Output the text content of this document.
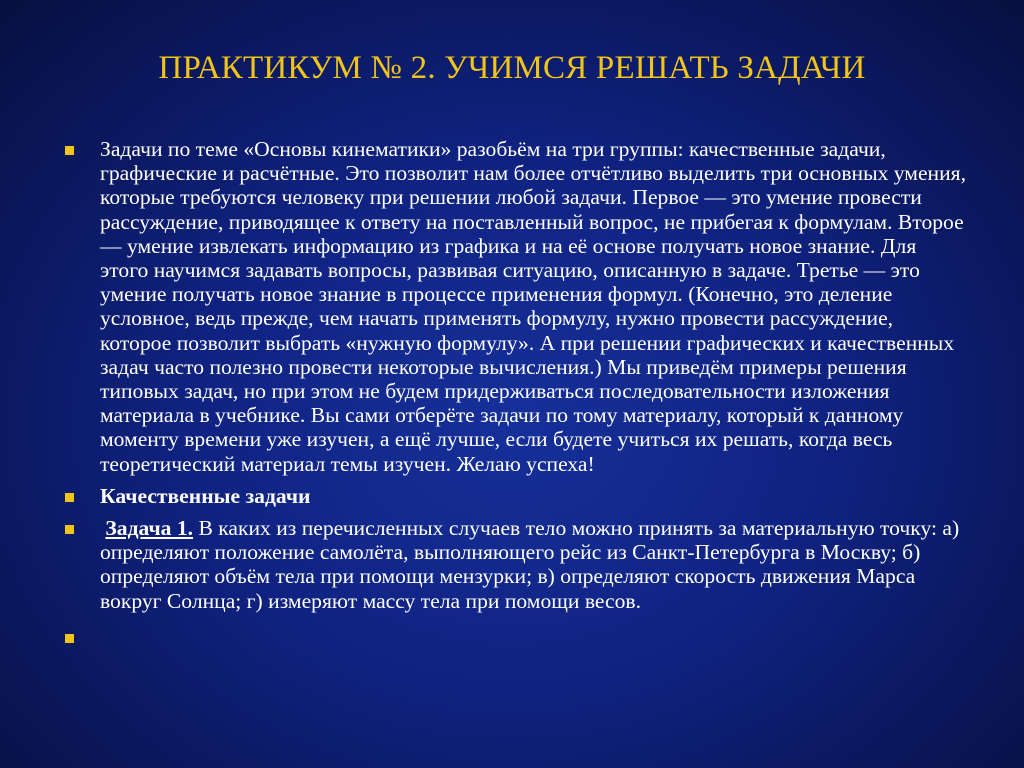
ПРАКТИКУМ № 2. УЧИМСЯ РЕШАТЬ ЗАДАЧИ
Задачи по теме «Основы кинематики» разобьём на три группы: качественные задачи, графические и расчётные. Это позволит нам более отчётливо выделить три основных умения, которые требуются человеку при решении любой задачи. Первое — это умение провести рассуждение, приводящее к ответу на поставленный вопрос, не прибегая к формулам. Второе — умение извлекать информацию из графика и на её основе получать новое знание. Для этого научимся задавать вопросы, развивая ситуацию, описанную в задаче. Третье — это умение получать новое знание в процессе применения формул. (Конечно, это деление условное, ведь прежде, чем начать применять формулу, нужно провести рассуждение, которое позволит выбрать «нужную формулу». А при решении графических и качественных задач часто полезно провести некоторые вычисления.) Мы приведём примеры решения типовых задач, но при этом не будем придерживаться последовательности изложения материала в учебнике. Вы сами отберёте задачи по тому материалу, который к данному моменту времени уже изучен, а ещё лучше, если будете учиться их решать, когда весь теоретический материал темы изучен. Желаю успеха!
Качественные задачи
Задача 1. В каких из перечисленных случаев тело можно принять за материальную точку: а) определяют положение самолёта, выполняющего рейс из Санкт-Петербурга в Москву; б) определяют объём тела при помощи мензурки; в) определяют скорость движения Марса вокруг Солнца; г) измеряют массу тела при помощи весов.
